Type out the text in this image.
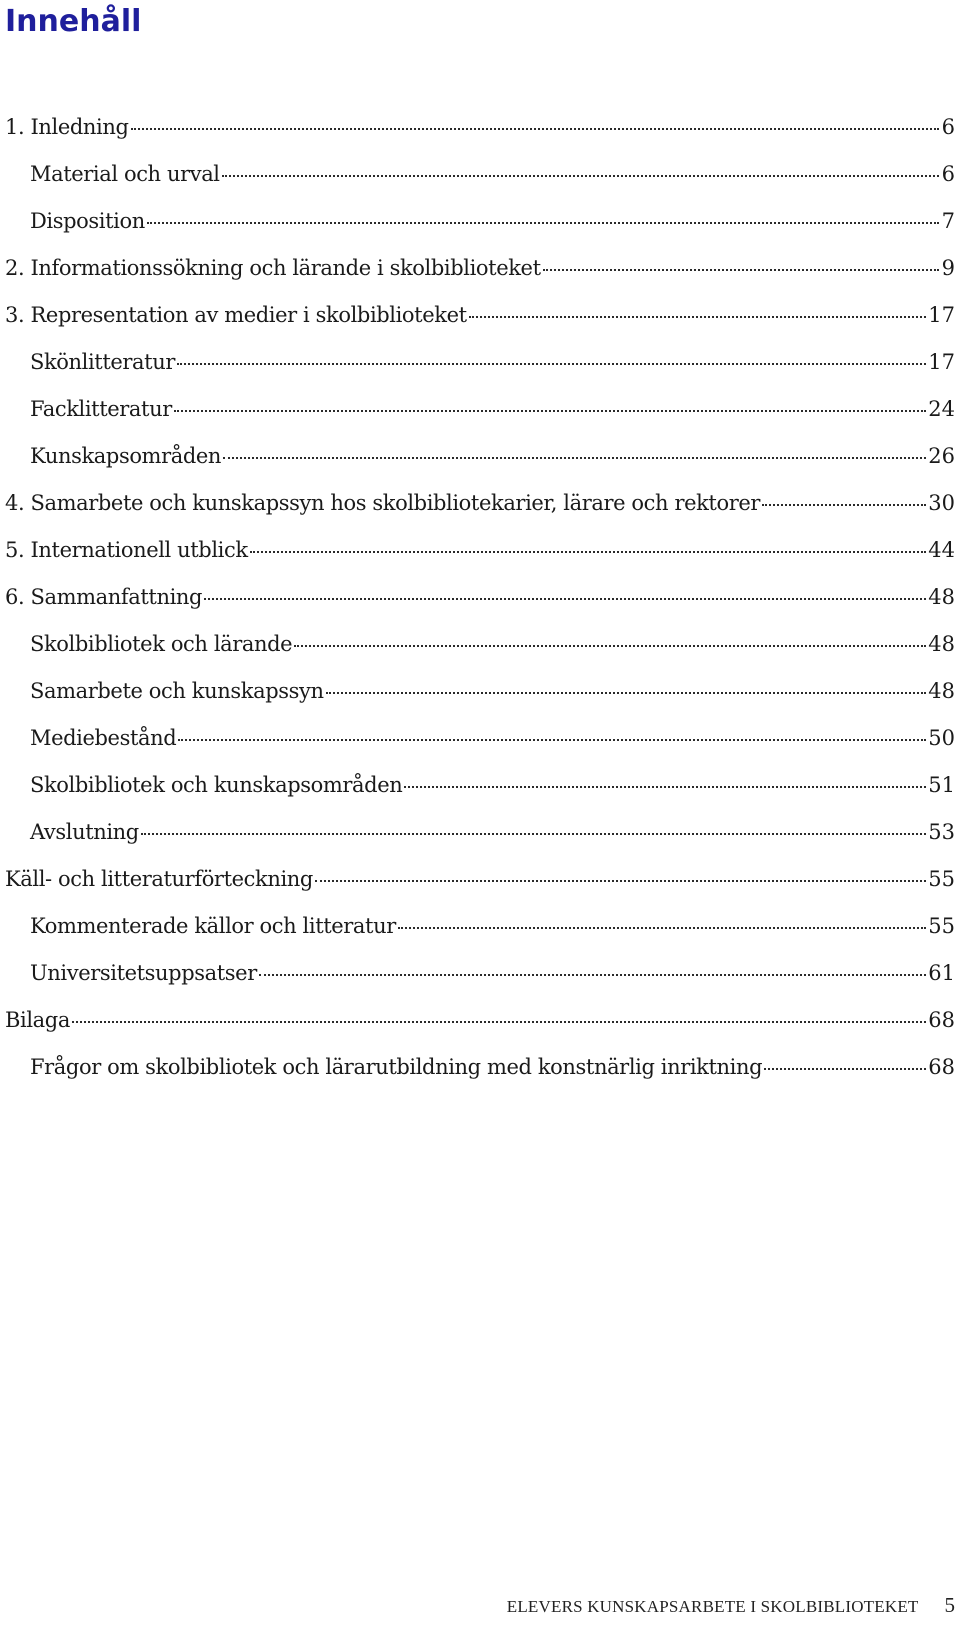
Innehåll
1. Inledning	6
Material och urval	6
Disposition	7
2. Informationssökning och lärande i skolbiblioteket	9
3. Representation av medier i skolbiblioteket	17
Skönlitteratur	17
Facklitteratur	24
Kunskapsområden	26
4. Samarbete och kunskapssyn hos skolbibliotekarier, lärare och rektorer	30
5. Internationell utblick	44
6. Sammanfattning	48
Skolbibliotek och lärande	48
Samarbete och kunskapssyn	48
Mediebestånd	50
Skolbibliotek och kunskapsområden	51
Avslutning	53
Käll- och litteraturförteckning	55
Kommenterade källor och litteratur	55
Universitetsuppsatser	61
Bilaga	68
Frågor om skolbibliotek och lärarutbildning med konstnärlig inriktning	68
ELEVERS KUNSKAPSARBETE I SKOLBIBLIOTEKET 5
